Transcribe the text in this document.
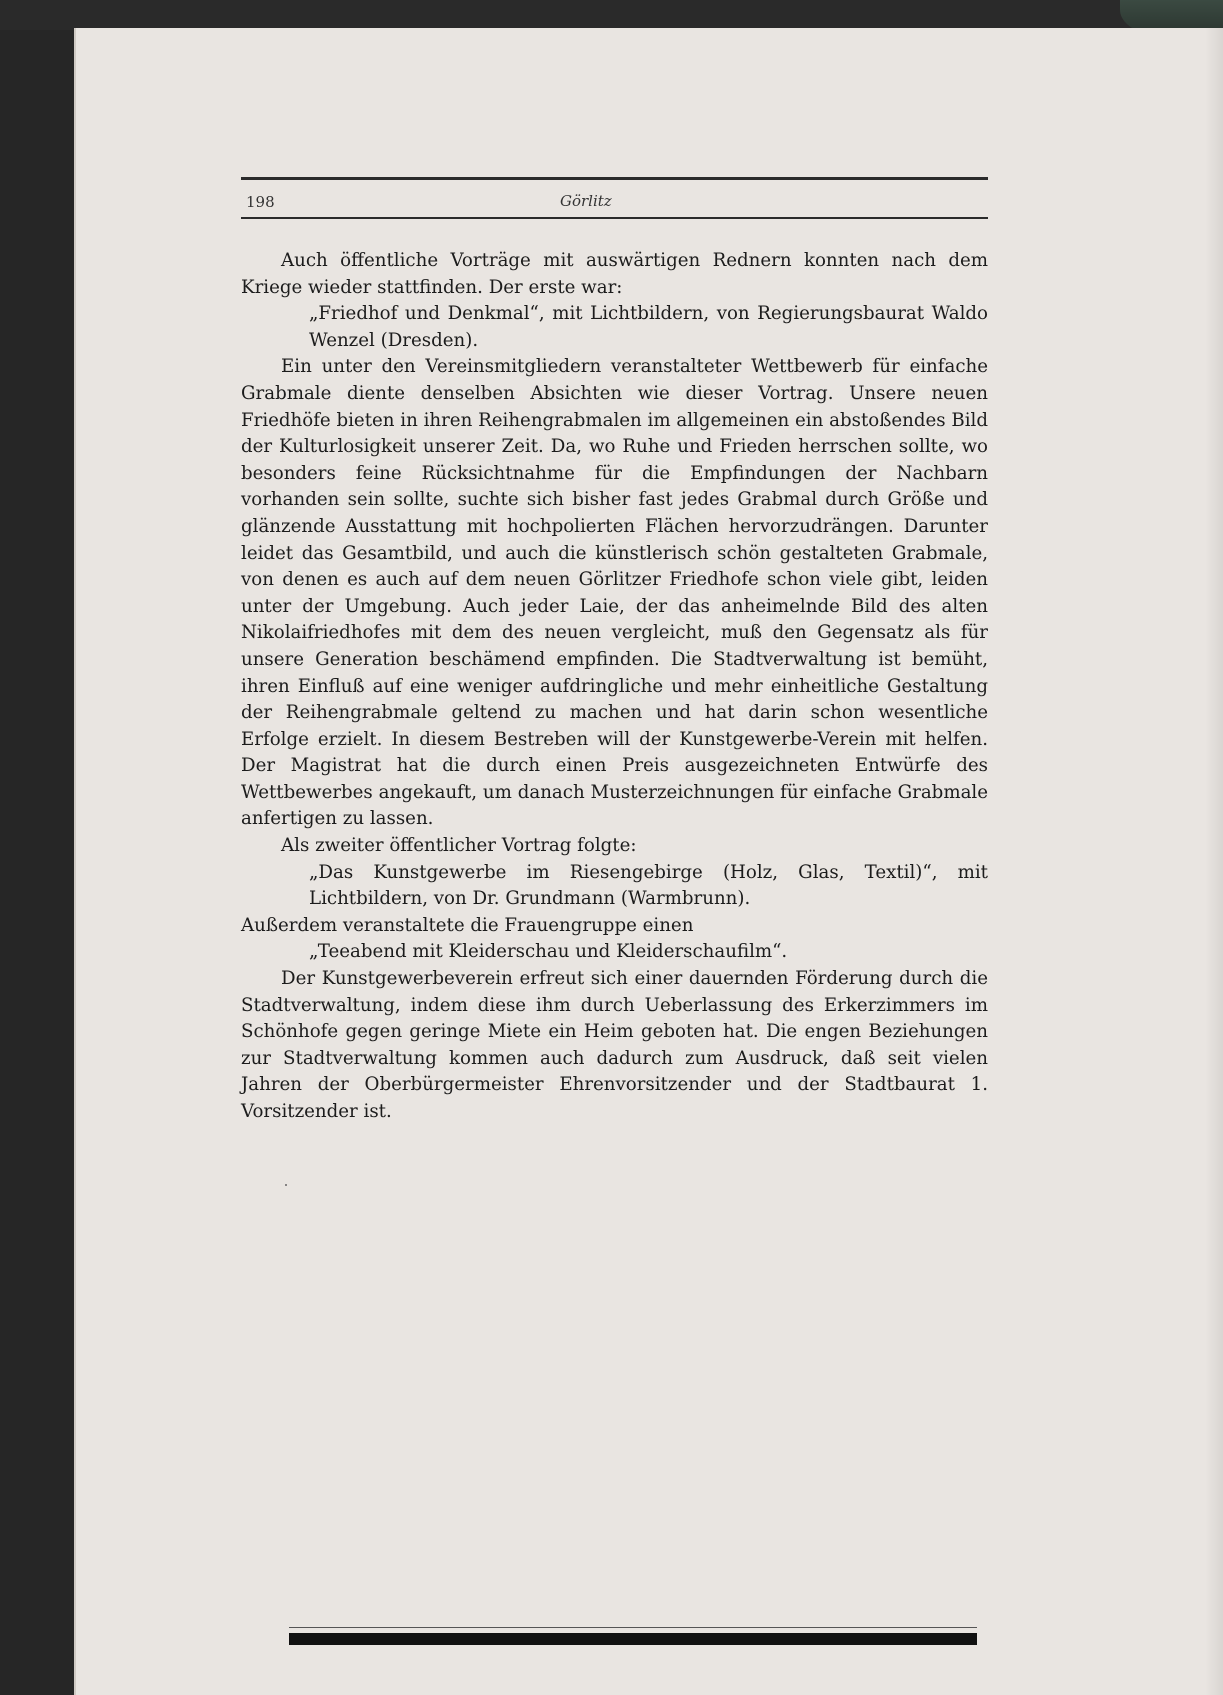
198	Görlitz

Auch öffentliche Vorträge mit auswärtigen Rednern konnten nach dem Kriege wieder stattfinden. Der erste war:

„Friedhof und Denkmal“, mit Lichtbildern, von Regierungsbaurat Waldo Wenzel (Dresden).

Ein unter den Vereinsmitgliedern veranstalteter Wettbewerb für einfache Grabmale diente denselben Absichten wie dieser Vortrag. Unsere neuen Friedhöfe bieten in ihren Reihengrabmalen im allgemeinen ein abstoßendes Bild der Kulturlosigkeit unserer Zeit. Da, wo Ruhe und Frieden herrschen sollte, wo besonders feine Rücksichtnahme für die Empfindungen der Nachbarn vorhanden sein sollte, suchte sich bisher fast jedes Grabmal durch Größe und glänzende Ausstattung mit hochpolierten Flächen hervorzudrängen. Darunter leidet das Gesamtbild, und auch die künstlerisch schön gestalteten Grabmale, von denen es auch auf dem neuen Görlitzer Friedhofe schon viele gibt, leiden unter der Umgebung. Auch jeder Laie, der das anheimelnde Bild des alten Nikolaifriedhofes mit dem des neuen vergleicht, muß den Gegensatz als für unsere Generation beschämend empfinden. Die Stadtverwaltung ist bemüht, ihren Einfluß auf eine weniger aufdringliche und mehr einheitliche Gestaltung der Reihengrabmale geltend zu machen und hat darin schon wesentliche Erfolge erzielt. In diesem Bestreben will der Kunstgewerbe-Verein mit helfen. Der Magistrat hat die durch einen Preis ausgezeichneten Entwürfe des Wettbewerbes angekauft, um danach Musterzeichnungen für einfache Grabmale anfertigen zu lassen.

Als zweiter öffentlicher Vortrag folgte:

„Das Kunstgewerbe im Riesengebirge (Holz, Glas, Textil)“, mit Lichtbildern, von Dr. Grundmann (Warmbrunn).

Außerdem veranstaltete die Frauengruppe einen

„Teeabend mit Kleiderschau und Kleiderschaufilm“.

Der Kunstgewerbeverein erfreut sich einer dauernden Förderung durch die Stadtverwaltung, indem diese ihm durch Ueberlassung des Erkerzimmers im Schönhofe gegen geringe Miete ein Heim geboten hat. Die engen Beziehungen zur Stadtverwaltung kommen auch dadurch zum Ausdruck, daß seit vielen Jahren der Oberbürgermeister Ehrenvorsitzender und der Stadtbaurat 1. Vorsitzender ist.
